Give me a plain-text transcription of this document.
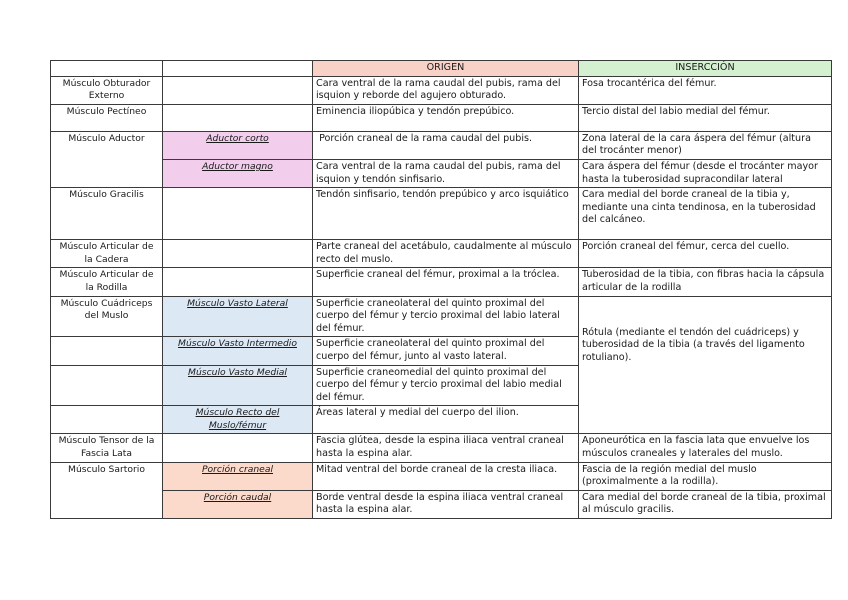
		ORIGEN	INSERCCIÓN
Músculo Obturador Externo		Cara ventral de la rama caudal del pubis, rama del isquion y reborde del agujero obturado.	Fosa trocantérica del fémur.
Músculo Pectíneo		Eminencia iliopúbica y tendón prepúbico.	Tercio distal del labio medial del fémur.
Músculo Aductor	Aductor corto	Porción craneal de la rama caudal del pubis.	Zona lateral de la cara áspera del fémur (altura del trocánter menor)
	Aductor magno	Cara ventral de la rama caudal del pubis, rama del isquion y tendón sinfisario.	Cara áspera del fémur (desde el trocánter mayor hasta la tuberosidad supracondilar lateral
Músculo Gracilis		Tendón sinfisario, tendón prepúbico y arco isquiático	Cara medial del borde craneal de la tibia y, mediante una cinta tendinosa, en la tuberosidad del calcáneo.
Músculo Articular de la Cadera		Parte craneal del acetábulo, caudalmente al músculo recto del muslo.	Porción craneal del fémur, cerca del cuello.
Músculo Articular de la Rodilla		Superficie craneal del fémur, proximal a la tróclea.	Tuberosidad de la tibia, con fibras hacia la cápsula articular de la rodilla
Músculo Cuádriceps del Muslo	Músculo Vasto Lateral	Superficie craneolateral del quinto proximal del cuerpo del fémur y tercio proximal del labio lateral del fémur.	Rótula (mediante el tendón del cuádriceps) y tuberosidad de la tibia (a través del ligamento rotuliano).
	Músculo Vasto Intermedio	Superficie craneolateral del quinto proximal del cuerpo del fémur, junto al vasto lateral.	
	Músculo Vasto Medial	Superficie craneomedial del quinto proximal del cuerpo del fémur y tercio proximal del labio medial del fémur.	
	Músculo Recto del Muslo/fémur	Áreas lateral y medial del cuerpo del ilion.	
Músculo Tensor de la Fascia Lata		Fascia glútea, desde la espina iliaca ventral craneal hasta la espina alar.	Aponeurótica en la fascia lata que envuelve los músculos craneales y laterales del muslo.
Músculo Sartorio	Porción craneal	Mitad ventral del borde craneal de la cresta iliaca.	Fascia de la región medial del muslo (proximalmente a la rodilla).
	Porción caudal	Borde ventral desde la espina iliaca ventral craneal hasta la espina alar.	Cara medial del borde craneal de la tibia, proximal al músculo gracilis.
